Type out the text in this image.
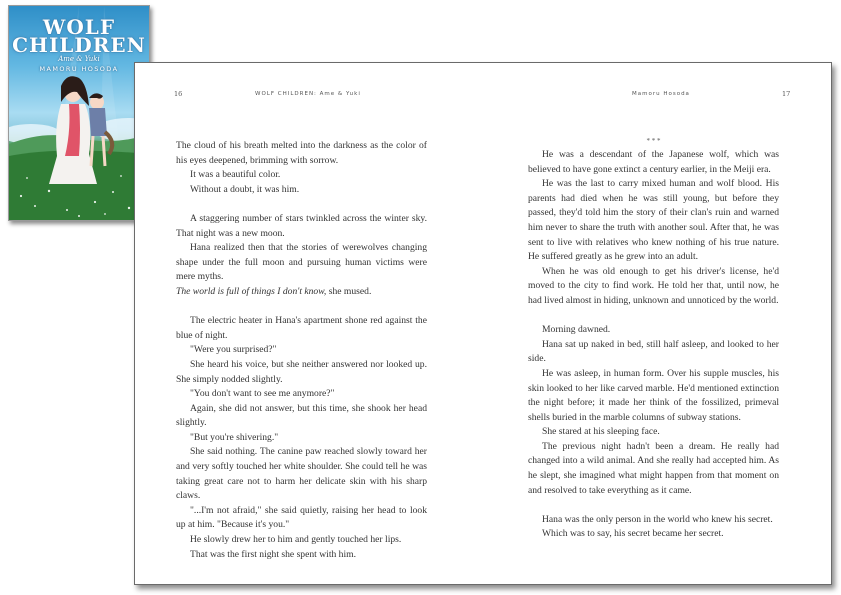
WOLF
CHILDREN
Ame & Yuki
MAMORU HOSODA
16	WOLF CHILDREN: Ame & Yuki	Mamoru Hosoda	17

The cloud of his breath melted into the darkness as the color of his eyes deepened, brimming with sorrow.

It was a beautiful color.

Without a doubt, it was him.

A staggering number of stars twinkled across the winter sky. That night was a new moon.

Hana realized then that the stories of werewolves changing shape under the full moon and pursuing human victims were mere myths.

The world is full of things I don't know, she mused.

The electric heater in Hana's apartment shone red against the blue of night.

"Were you surprised?"

She heard his voice, but she neither answered nor looked up. She simply nodded slightly.

"You don't want to see me anymore?"

Again, she did not answer, but this time, she shook her head slightly.

"But you're shivering."

She said nothing. The canine paw reached slowly toward her and very softly touched her white shoulder. She could tell he was taking great care not to harm her delicate skin with his sharp claws.

"...I'm not afraid," she said quietly, raising her head to look up at him. "Because it's you."

He slowly drew her to him and gently touched her lips.

That was the first night she spent with him.

* * *

He was a descendant of the Japanese wolf, which was believed to have gone extinct a century earlier, in the Meiji era.

He was the last to carry mixed human and wolf blood. His parents had died when he was still young, but before they passed, they'd told him the story of their clan's ruin and warned him never to share the truth with another soul. After that, he was sent to live with relatives who knew nothing of his true nature. He suffered greatly as he grew into an adult.

When he was old enough to get his driver's license, he'd moved to the city to find work. He told her that, until now, he had lived almost in hiding, unknown and unnoticed by the world.

Morning dawned.

Hana sat up naked in bed, still half asleep, and looked to her side.

He was asleep, in human form. Over his supple muscles, his skin looked to her like carved marble. He'd mentioned extinction the night before; it made her think of the fossilized, primeval shells buried in the marble columns of subway stations.

She stared at his sleeping face.

The previous night hadn't been a dream. He really had changed into a wild animal. And she really had accepted him. As he slept, she imagined what might happen from that moment on and resolved to take everything as it came.

Hana was the only person in the world who knew his secret.

Which was to say, his secret became her secret.
